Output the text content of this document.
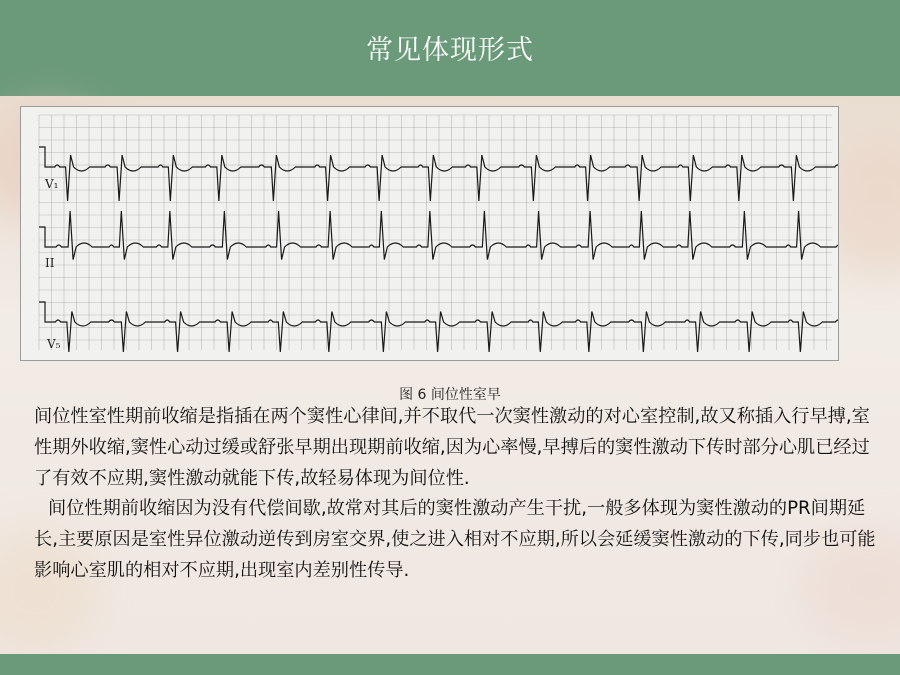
常见体现形式
V₁
II
V₅
图 6 间位性室早

间位性室性期前收缩是指插在两个窦性心律间,并不取代一次窦性激动的对心室控制,故又称插入行早搏,室性期外收缩,窦性心动过缓或舒张早期出现期前收缩,因为心率慢,早搏后的窦性激动下传时部分心肌已经过了有效不应期,窦性激动就能下传,故轻易体现为间位性.

间位性期前收缩因为没有代偿间歇,故常对其后的窦性激动产生干扰,一般多体现为窦性激动的PR间期延长,主要原因是室性异位激动逆传到房室交界,使之进入相对不应期,所以会延缓窦性激动的下传,同步也可能影响心室肌的相对不应期,出现室内差别性传导.
